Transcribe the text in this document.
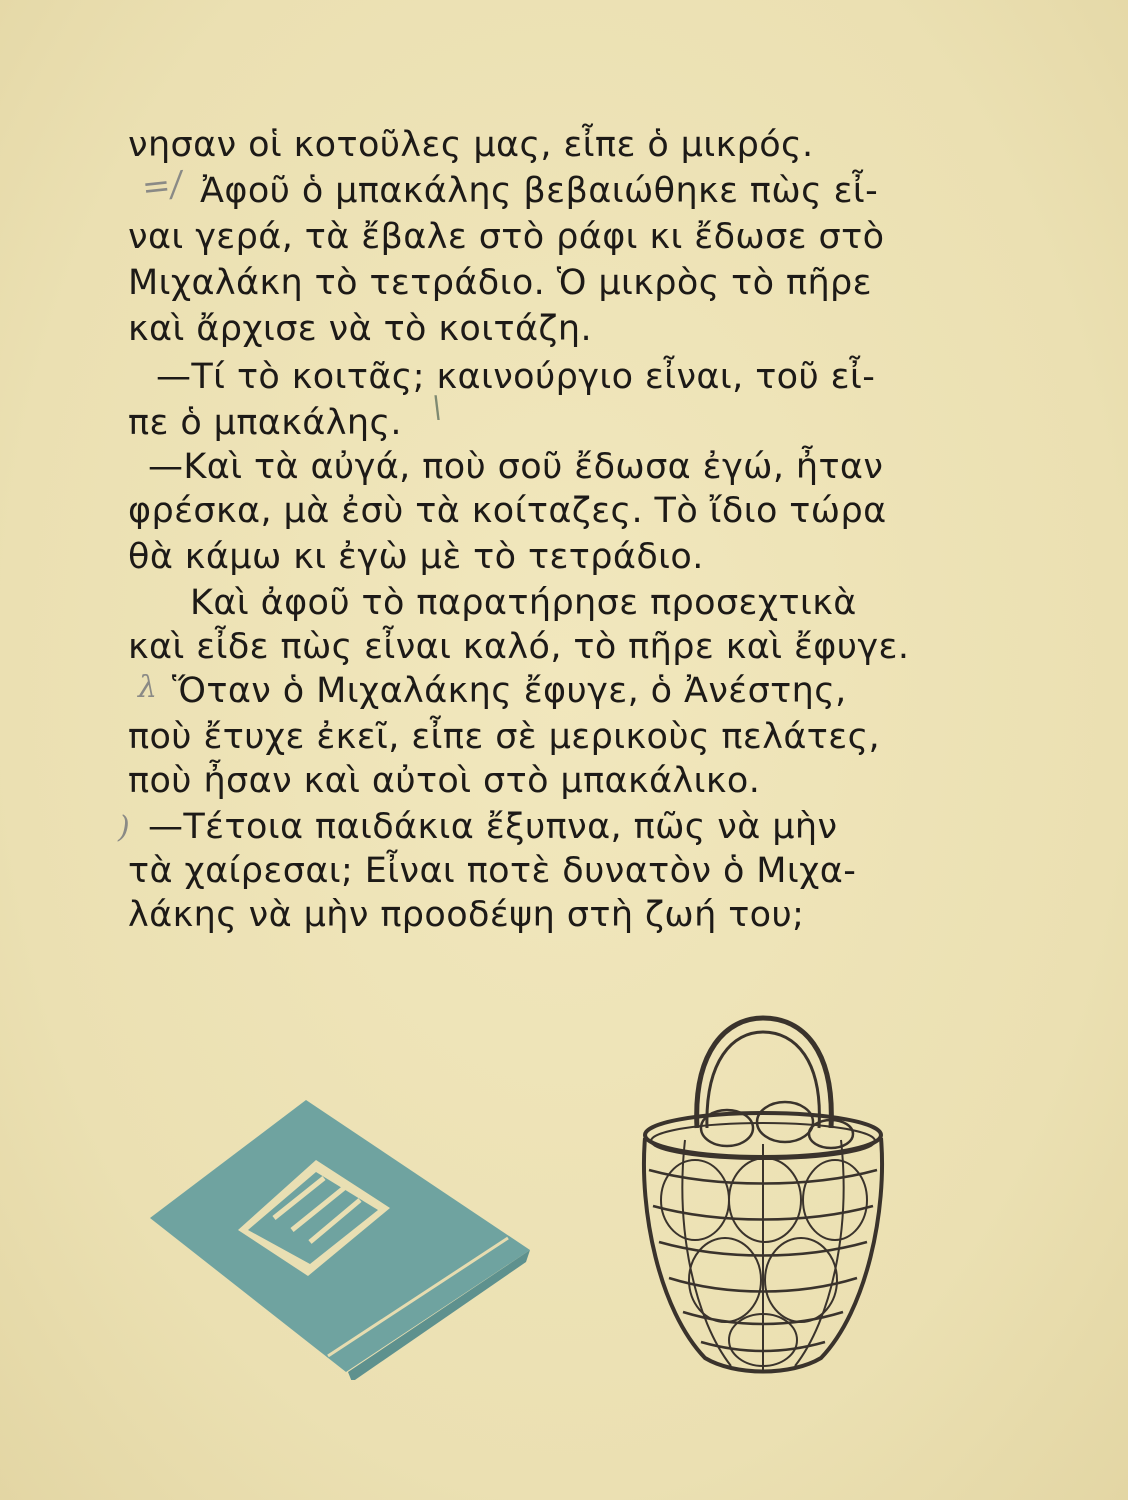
=/
λ
)
\
νησαν οἱ κοτοῦλες μας, εἶπε ὁ μικρός.
Ἀφοῦ ὁ μπακάλης βεβαιώθηκε πὼς εἶ-
ναι γερά, τὰ ἔβαλε στὸ ράφι κι ἔδωσε στὸ
Μιχαλάκη τὸ τετράδιο. Ὁ μικρὸς τὸ πῆρε
καὶ ἄρχισε νὰ τὸ κοιτάζη.
—Τί τὸ κοιτᾶς; καινούργιο εἶναι, τοῦ εἶ-
πε ὁ μπακάλης.
—Καὶ τὰ αὐγά, ποὺ σοῦ ἔδωσα ἐγώ, ἦταν
φρέσκα, μὰ ἐσὺ τὰ κοίταζες. Τὸ ἴδιο τώρα
θὰ κάμω κι ἐγὼ μὲ τὸ τετράδιο.
Καὶ ἀφοῦ τὸ παρατήρησε προσεχτικὰ
καὶ εἶδε πὼς εἶναι καλό, τὸ πῆρε καὶ ἔφυγε.
Ὅταν ὁ Μιχαλάκης ἔφυγε, ὁ Ἀνέστης,
ποὺ ἔτυχε ἐκεῖ, εἶπε σὲ μερικοὺς πελάτες,
ποὺ ἦσαν καὶ αὐτοὶ στὸ μπακάλικο.
—Τέτοια παιδάκια ἔξυπνα, πῶς νὰ μὴν
τὰ χαίρεσαι; Εἶναι ποτὲ δυνατὸν ὁ Μιχα-
λάκης νὰ μὴν προοδέψη στὴ ζωή του;
